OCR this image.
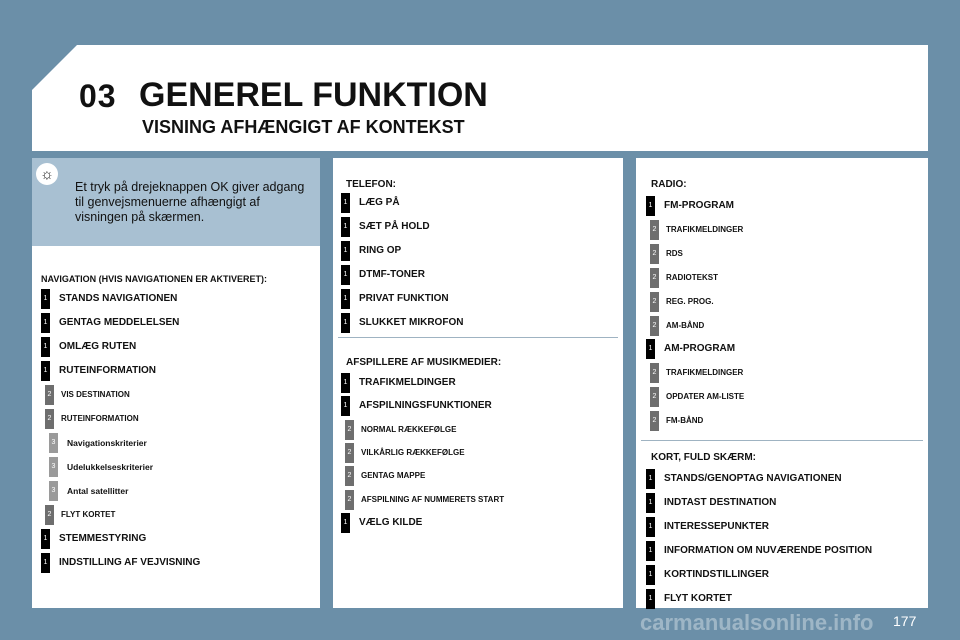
03 GENEREL FUNKTION
VISNING AFHÆNGIGT AF KONTEKST
☼
Et tryk på drejeknappen OK giver adgang til genvejsmenuerne afhængigt af visningen på skærmen.
NAVIGATION (HVIS NAVIGATIONEN ER AKTIVERET):
1 STANDS NAVIGATIONEN
1 GENTAG MEDDELELSEN
1 OMLÆG RUTEN
1 RUTEINFORMATION
2	VIS DESTINATION
2	RUTEINFORMATION
3 Navigationskriterier
3 Udelukkelseskriterier
3 Antal satellitter
2	FLYT KORTET
1 STEMMESTYRING
1 INDSTILLING AF VEJVISNING
TELEFON:
1 LÆG PÅ
1 SÆT PÅ HOLD
1 RING OP
1 DTMF-TONER
1 PRIVAT FUNKTION
1 SLUKKET MIKROFON
AFSPILLERE AF MUSIKMEDIER:
1 TRAFIKMELDINGER
1 AFSPILNINGSFUNKTIONER
2	NORMAL RÆKKEFØLGE
2	VILKÅRLIG RÆKKEFØLGE
2	GENTAG MAPPE
2	AFSPILNING AF NUMMERETS START
1 VÆLG KILDE
RADIO:
1 FM-PROGRAM
2	TRAFIKMELDINGER
2	RDS
2	RADIOTEKST
2	REG. PROG.
2	AM-BÅND
1 AM-PROGRAM
2	TRAFIKMELDINGER
2	OPDATER AM-LISTE
2	FM-BÅND
KORT, FULD SKÆRM:
1 STANDS/GENOPTAG NAVIGATIONEN
1 INDTAST DESTINATION
1 INTERESSEPUNKTER
1 INFORMATION OM NUVÆRENDE POSITION
1 KORTINDSTILLINGER
1 FLYT KORTET
carmanualsonline.info 177
